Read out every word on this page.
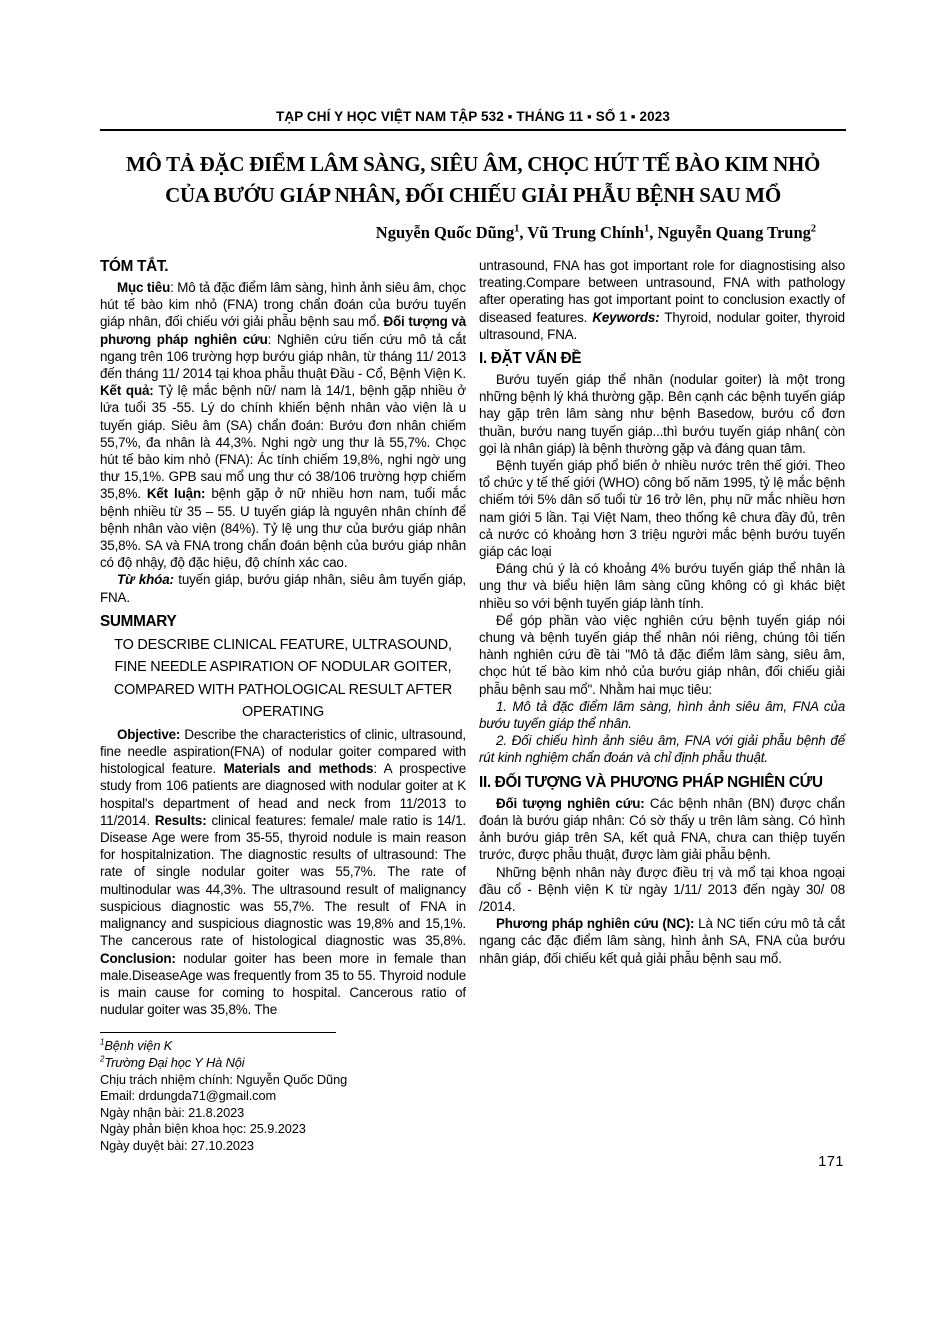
TẠP CHÍ Y HỌC VIỆT NAM TẬP 532 ▪ THÁNG 11 ▪ SỐ 1 ▪ 2023
MÔ TẢ ĐẶC ĐIỂM LÂM SÀNG, SIÊU ÂM, CHỌC HÚT TẾ BÀO KIM NHỎ
CỦA BƯỚU GIÁP NHÂN, ĐỐI CHIẾU GIẢI PHẪU BỆNH SAU MỔ
Nguyễn Quốc Dũng$^1$, Vũ Trung Chính$^1$, Nguyễn Quang Trung$^2$
TÓM TẮT.

Mục tiêu: Mô tả đặc điểm lâm sàng, hình ảnh siêu âm, chọc hút tế bào kim nhỏ (FNA) trong chẩn đoán của bướu tuyến giáp nhân, đối chiếu với giải phẫu bệnh sau mổ. Đối tượng và phương pháp nghiên cứu: Nghiên cứu tiến cứu mô tả cắt ngang trên 106 trường hợp bướu giáp nhân, từ tháng 11/ 2013 đến tháng 11/ 2014 tại khoa phẫu thuật Đầu - Cổ, Bệnh Viện K. Kết quả: Tỷ lệ mắc bệnh nữ/ nam là 14/1, bệnh gặp nhiều ở lứa tuổi 35 -55. Lý do chính khiến bệnh nhân vào viện là u tuyến giáp. Siêu âm (SA) chẩn đoán: Bướu đơn nhân chiếm 55,7%, đa nhân là 44,3%. Nghi ngờ ung thư là 55,7%. Chọc hút tế bào kim nhỏ (FNA): Ác tính chiếm 19,8%, nghi ngờ ung thư 15,1%. GPB sau mổ ung thư có 38/106 trường hợp chiếm 35,8%. Kết luận: bệnh gặp ở nữ nhiều hơn nam, tuổi mắc bệnh nhiều từ 35 – 55. U tuyến giáp là nguyên nhân chính để bệnh nhân vào viện (84%). Tỷ lệ ung thư của bướu giáp nhân 35,8%. SA và FNA trong chẩn đoán bệnh của bướu giáp nhân có độ nhậy, độ đặc hiệu, độ chính xác cao.

Từ khóa: tuyến giáp, bướu giáp nhân, siêu âm tuyến giáp, FNA.

SUMMARY

TO DESCRIBE CLINICAL FEATURE, ULTRASOUND, FINE NEEDLE ASPIRATION OF NODULAR GOITER, COMPARED WITH PATHOLOGICAL RESULT AFTER OPERATING

Objective: Describe the characteristics of clinic, ultrasound, fine needle aspiration(FNA) of nodular goiter compared with histological feature. Materials and methods: A prospective study from 106 patients are diagnosed with nodular goiter at K hospital's department of head and neck from 11/2013 to 11/2014. Results: clinical features: female/ male ratio is 14/1. Disease Age were from 35-55, thyroid nodule is main reason for hospitalnization. The diagnostic results of ultrasound: The rate of single nodular goiter was 55,7%. The rate of multinodular was 44,3%. The ultrasound result of malignancy suspicious diagnostic was 55,7%. The result of FNA in malignancy and suspicious diagnostic was 19,8% and 15,1%. The cancerous rate of histological diagnostic was 35,8%. Conclusion: nodular goiter has been more in female than male.DiseaseAge was frequently from 35 to 55. Thyroid nodule is main cause for coming to hospital. Cancerous ratio of nudular goiter was 35,8%. The

$^1$Bệnh viện K

$^2$Trường Đại học Y Hà Nội

Chịu trách nhiệm chính: Nguyễn Quốc Dũng

Email: drdungda71@gmail.com

Ngày nhận bài: 21.8.2023

Ngày phản biện khoa học: 25.9.2023

Ngày duyệt bài: 27.10.2023

untrasound, FNA has got important role for diagnostising also treating.Compare between untrasound, FNA with pathology after operating has got important point to conclusion exactly of diseased features. Keywords: Thyroid, nodular goiter, thyroid ultrasound, FNA.

I. ĐẶT VẤN ĐỀ

Bướu tuyến giáp thể nhân (nodular goiter) là một trong những bệnh lý khá thường gặp. Bên cạnh các bệnh tuyến giáp hay gặp trên lâm sàng như bệnh Basedow, bướu cổ đơn thuần, bướu nang tuyến giáp...thì bướu tuyến giáp nhân( còn gọi là nhân giáp) là bệnh thường gặp và đáng quan tâm.

Bệnh tuyến giáp phổ biến ở nhiều nước trên thế giới. Theo tổ chức y tế thế giới (WHO) công bố năm 1995, tỷ lệ mắc bệnh chiếm tới 5% dân số tuổi từ 16 trở lên, phụ nữ mắc nhiều hơn nam giới 5 lần. Tại Việt Nam, theo thống kê chưa đầy đủ, trên cả nước có khoảng hơn 3 triệu người mắc bệnh bướu tuyến giáp các loại

Đáng chú ý là có khoảng 4% bướu tuyến giáp thể nhân là ung thư và biểu hiện lâm sàng cũng không có gì khác biệt nhiều so với bệnh tuyến giáp lành tính.

Để góp phần vào việc nghiên cứu bệnh tuyến giáp nói chung và bệnh tuyến giáp thể nhân nói riêng, chúng tôi tiến hành nghiên cứu đề tài "Mô tả đặc điểm lâm sàng, siêu âm, chọc hút tế bào kim nhỏ của bướu giáp nhân, đối chiếu giải phẫu bệnh sau mổ". Nhằm hai mục tiêu:

1. Mô tả đặc điểm lâm sàng, hình ảnh siêu âm, FNA của bướu tuyến giáp thể nhân.

2. Đối chiếu hình ảnh siêu âm, FNA với giải phẫu bệnh để rút kinh nghiệm chẩn đoán và chỉ định phẫu thuật.

II. ĐỐI TƯỢNG VÀ PHƯƠNG PHÁP NGHIÊN CỨU

Đối tượng nghiên cứu: Các bệnh nhân (BN) được chẩn đoán là bướu giáp nhân: Có sờ thấy u trên lâm sàng. Có hình ảnh bướu giáp trên SA, kết quả FNA, chưa can thiệp tuyến trước, được phẫu thuật, được làm giải phẫu bệnh.

Những bệnh nhân này được điều trị và mổ tại khoa ngoại đầu cổ - Bệnh viện K từ ngày 1/11/ 2013 đến ngày 30/ 08 /2014.

Phương pháp nghiên cứu (NC): Là NC tiến cứu mô tả cắt ngang các đặc điểm lâm sàng, hình ảnh SA, FNA của bướu nhân giáp, đối chiếu kết quả giải phẫu bệnh sau mổ.

171
